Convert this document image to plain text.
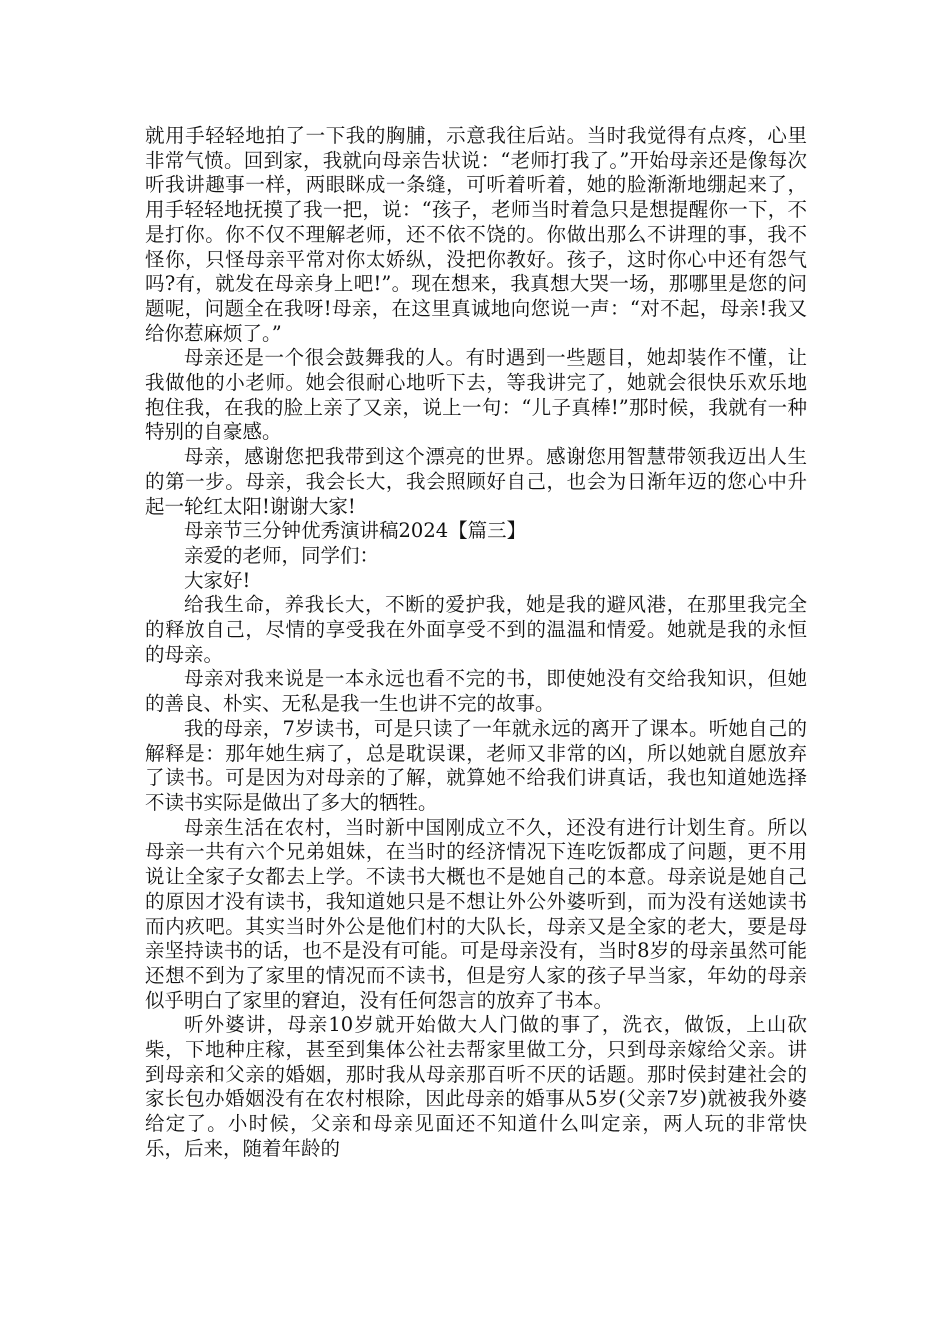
就用手轻轻地拍了一下我的胸脯，示意我往后站。当时我觉得有点疼，心里非常气愤。回到家，我就向母亲告状说：“老师打我了。”开始母亲还是像每次听我讲趣事一样，两眼眯成一条缝，可听着听着，她的脸渐渐地绷起来了，用手轻轻地抚摸了我一把，说：“孩子，老师当时着急只是想提醒你一下，不是打你。你不仅不理解老师，还不依不饶的。你做出那么不讲理的事，我不怪你，只怪母亲平常对你太娇纵，没把你教好。孩子，这时你心中还有怨气吗?有，就发在母亲身上吧!”。现在想来，我真想大哭一场，那哪里是您的问题呢，问题全在我呀!母亲，在这里真诚地向您说一声：“对不起，母亲!我又给你惹麻烦了。”

母亲还是一个很会鼓舞我的人。有时遇到一些题目，她却装作不懂，让我做他的小老师。她会很耐心地听下去，等我讲完了，她就会很快乐欢乐地抱住我，在我的脸上亲了又亲，说上一句：“儿子真棒!”那时候，我就有一种特别的自豪感。

母亲，感谢您把我带到这个漂亮的世界。感谢您用智慧带领我迈出人生的第一步。母亲，我会长大，我会照顾好自己，也会为日渐年迈的您心中升起一轮红太阳!谢谢大家!

母亲节三分钟优秀演讲稿2024【篇三】

亲爱的老师，同学们：

大家好!

给我生命，养我长大，不断的爱护我，她是我的避风港，在那里我完全的释放自己，尽情的享受我在外面享受不到的温温和情爱。她就是我的永恒的母亲。

母亲对我来说是一本永远也看不完的书，即使她没有交给我知识，但她的善良、朴实、无私是我一生也讲不完的故事。

我的母亲，7岁读书，可是只读了一年就永远的离开了课本。听她自己的解释是：那年她生病了，总是耽误课，老师又非常的凶，所以她就自愿放弃了读书。可是因为对母亲的了解，就算她不给我们讲真话，我也知道她选择不读书实际是做出了多大的牺牲。

母亲生活在农村，当时新中国刚成立不久，还没有进行计划生育。所以母亲一共有六个兄弟姐妹，在当时的经济情况下连吃饭都成了问题，更不用说让全家子女都去上学。不读书大概也不是她自己的本意。母亲说是她自己的原因才没有读书，我知道她只是不想让外公外婆听到，而为没有送她读书而内疚吧。其实当时外公是他们村的大队长，母亲又是全家的老大，要是母亲坚持读书的话，也不是没有可能。可是母亲没有，当时8岁的母亲虽然可能还想不到为了家里的情况而不读书，但是穷人家的孩子早当家，年幼的母亲似乎明白了家里的窘迫，没有任何怨言的放弃了书本。

听外婆讲，母亲10岁就开始做大人门做的事了，洗衣，做饭，上山砍柴，下地种庄稼，甚至到集体公社去帮家里做工分，只到母亲嫁给父亲。讲到母亲和父亲的婚姻，那时我从母亲那百听不厌的话题。那时侯封建社会的家长包办婚姻没有在农村根除，因此母亲的婚事从5岁(父亲7岁)就被我外婆给定了。小时候，父亲和母亲见面还不知道什么叫定亲，两人玩的非常快乐，后来，随着年龄的
